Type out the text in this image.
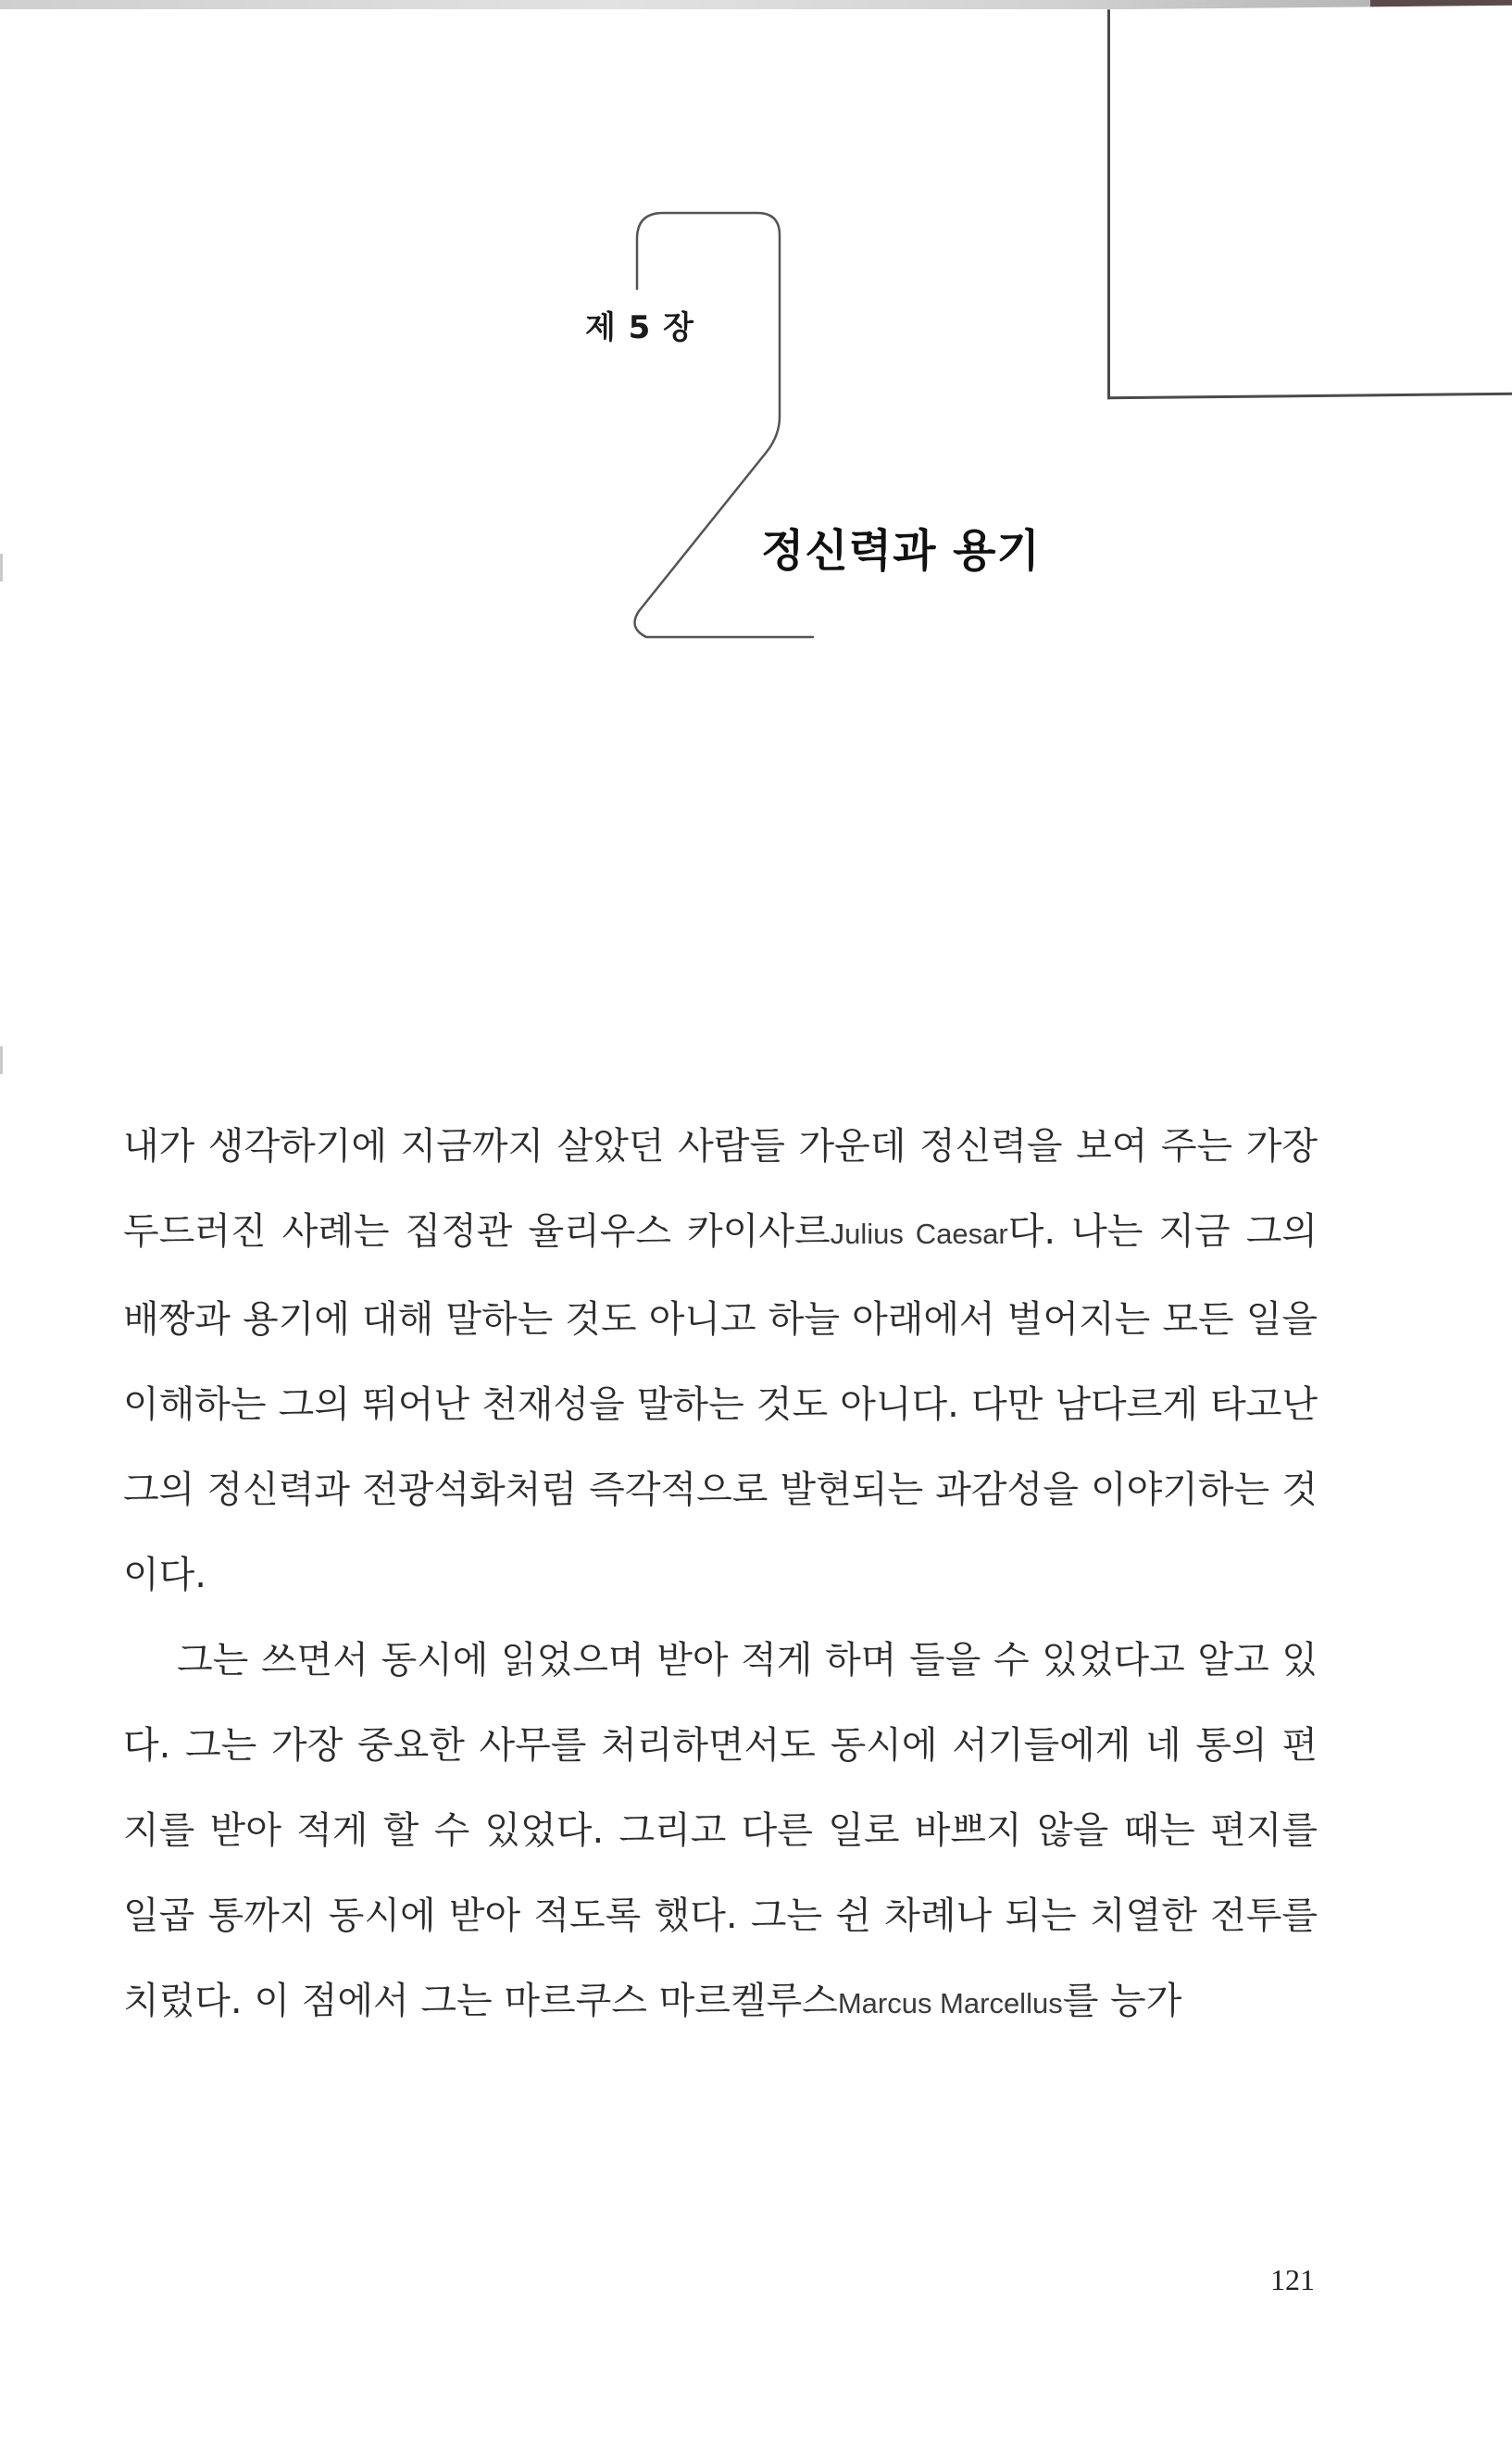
제 5 장
정신력과 용기

내가 생각하기에 지금까지 살았던 사람들 가운데 정신력을 보여 주는 가장 두드러진 사례는 집정관 율리우스 카이사르Julius Caesar다. 나는 지금 그의 배짱과 용기에 대해 말하는 것도 아니고 하늘 아래에서 벌어지는 모든 일을 이해하는 그의 뛰어난 천재성을 말하는 것도 아니다. 다만 남다르게 타고난 그의 정신력과 전광석화처럼 즉각적으로 발현되는 과감성을 이야기하는 것이다.

그는 쓰면서 동시에 읽었으며 받아 적게 하며 들을 수 있었다고 알고 있다. 그는 가장 중요한 사무를 처리하면서도 동시에 서기들에게 네 통의 편지를 받아 적게 할 수 있었다. 그리고 다른 일로 바쁘지 않을 때는 편지를 일곱 통까지 동시에 받아 적도록 했다. 그는 쉰 차례나 되는 치열한 전투를 치렀다. 이 점에서 그는 마르쿠스 마르켈루스Marcus Marcellus를 능가

121
